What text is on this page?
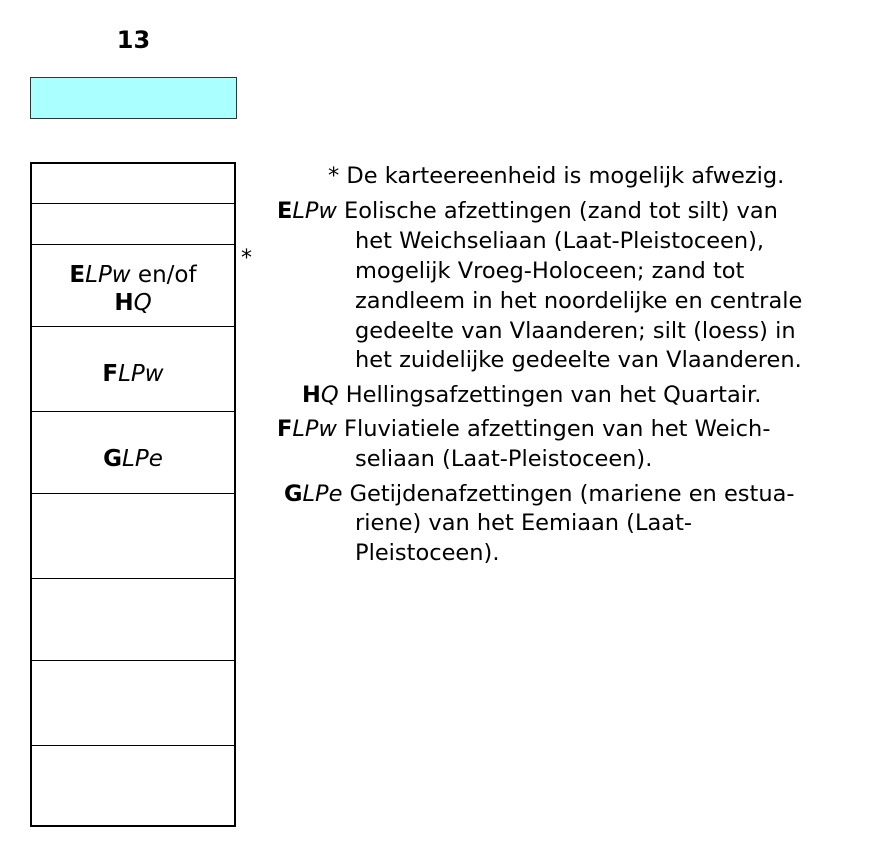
13
ELPw en/of
HQ
FLPw
GLPe
*
* De karteereenheid is mogelijk afwezig.
ELPw Eolische afzettingen (zand tot silt) van
het Weichseliaan (Laat-Pleistoceen),
mogelijk Vroeg-Holoceen; zand tot
zandleem in het noordelijke en centrale
gedeelte van Vlaanderen; silt (loess) in
het zuidelijke gedeelte van Vlaanderen.
HQ Hellingsafzettingen van het Quartair.
FLPw Fluviatiele afzettingen van het Weich-
seliaan (Laat-Pleistoceen).
GLPe Getijdenafzettingen (mariene en estua-
riene) van het Eemiaan (Laat-
Pleistoceen).
